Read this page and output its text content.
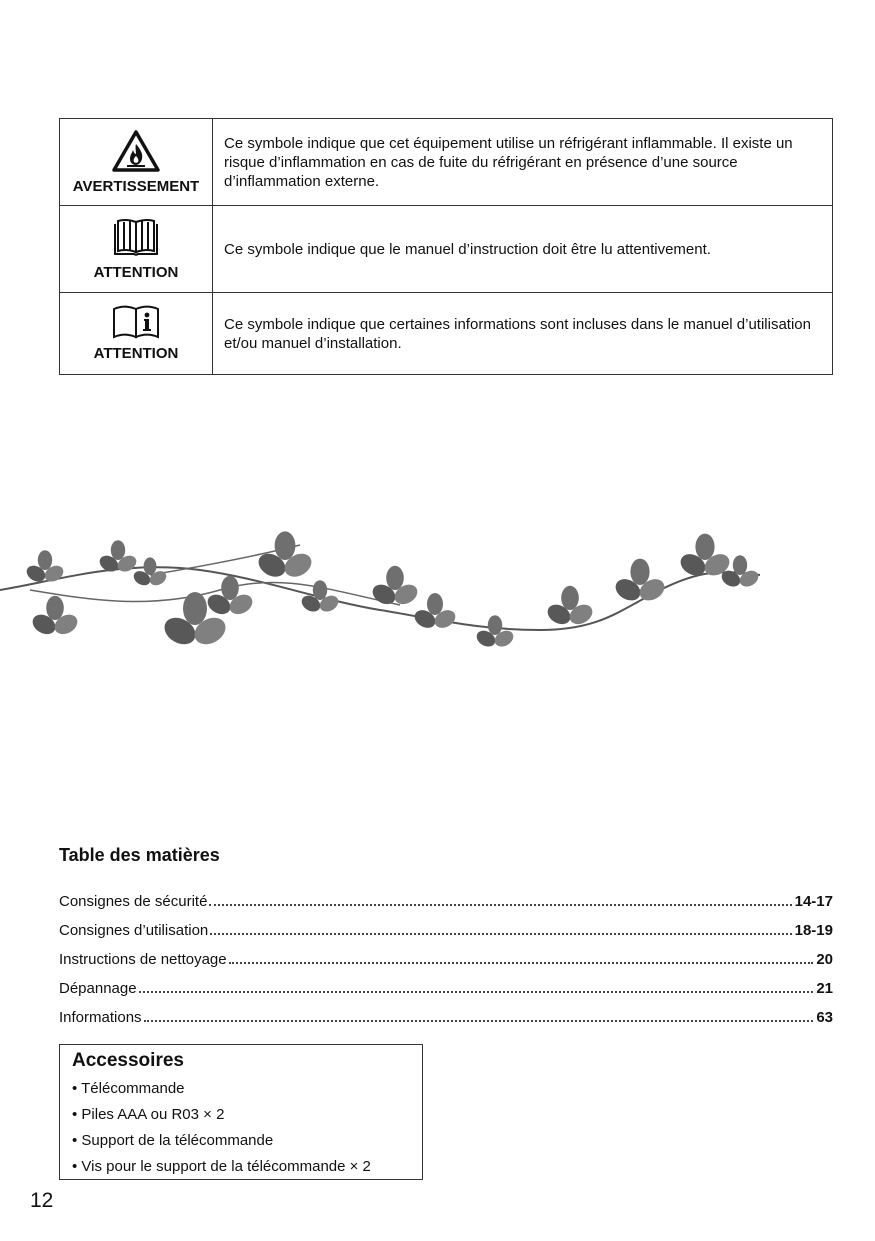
AVERTISSEMENT	Ce symbole indique que cet équipement utilise un réfrigérant inflammable. Il existe un risque d’inflammation en cas de fuite du réfrigérant en présence d’une source d’inflammation externe.

ATTENTION	Ce symbole indique que le manuel d’instruction doit être lu attentivement.

ATTENTION	Ce symbole indique que certaines informations sont incluses dans le manuel d’utilisation et/ou manuel d’installation.
Table des matières
Consignes de sécurité	14-17
Consignes d’utilisation	18-19
Instructions de nettoyage	20
Dépannage	21
Informations	63
Accessoires
• Télécommande
• Piles AAA ou R03 × 2
• Support de la télécommande
• Vis pour le support de la télécommande × 2
12
